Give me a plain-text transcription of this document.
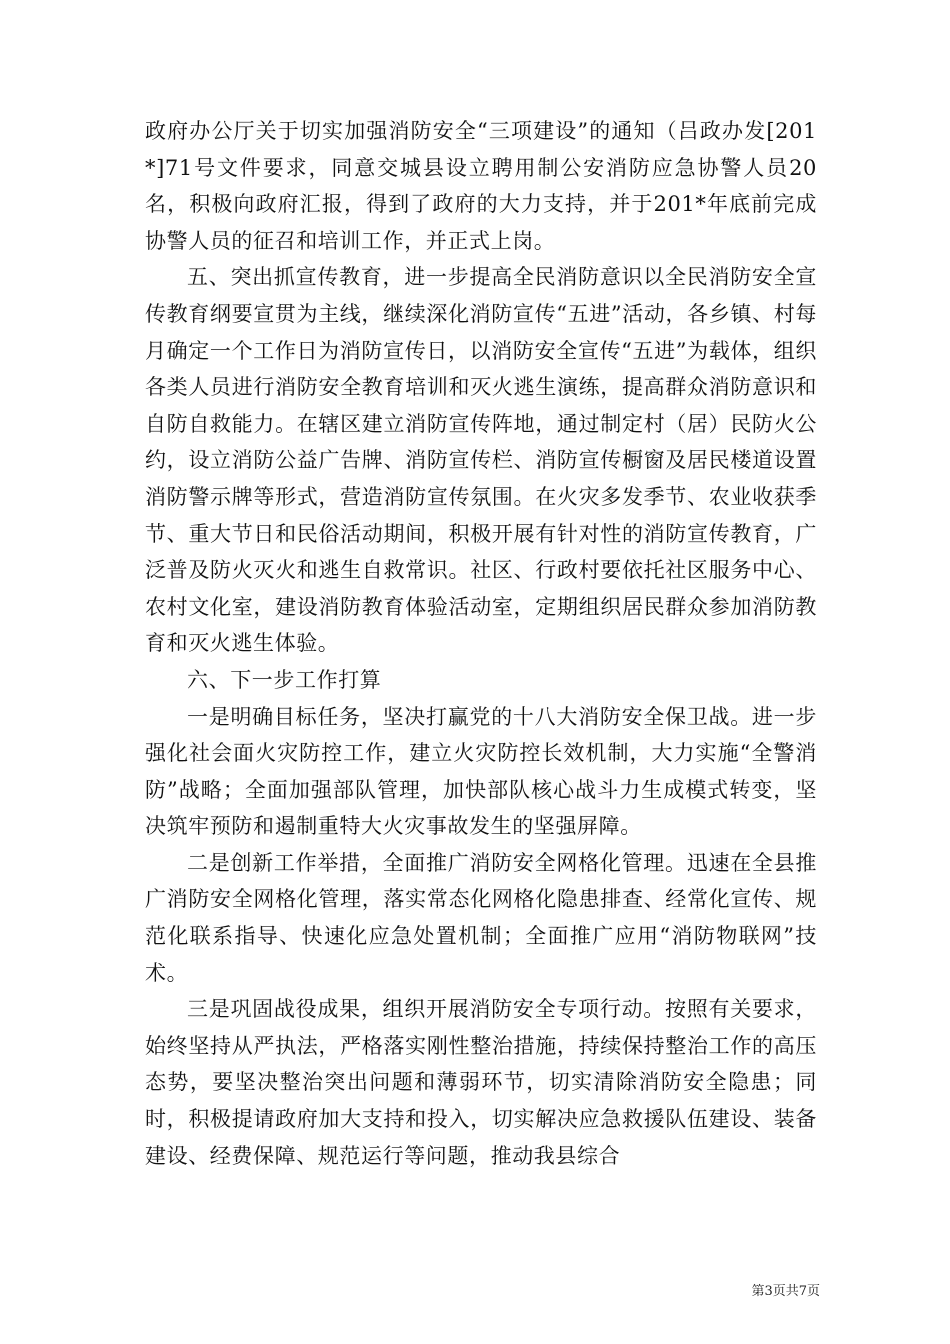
政府办公厅关于切实加强消防安全“三项建设”的通知（吕政办发[201*]71号文件要求，同意交城县设立聘用制公安消防应急协警人员20名，积极向政府汇报，得到了政府的大力支持，并于201*年底前完成协警人员的征召和培训工作，并正式上岗。

五、突出抓宣传教育，进一步提高全民消防意识以全民消防安全宣传教育纲要宣贯为主线，继续深化消防宣传“五进”活动，各乡镇、村每月确定一个工作日为消防宣传日，以消防安全宣传“五进”为载体，组织各类人员进行消防安全教育培训和灭火逃生演练，提高群众消防意识和自防自救能力。在辖区建立消防宣传阵地，通过制定村（居）民防火公约，设立消防公益广告牌、消防宣传栏、消防宣传橱窗及居民楼道设置消防警示牌等形式，营造消防宣传氛围。在火灾多发季节、农业收获季节、重大节日和民俗活动期间，积极开展有针对性的消防宣传教育，广泛普及防火灭火和逃生自救常识。社区、行政村要依托社区服务中心、农村文化室，建设消防教育体验活动室，定期组织居民群众参加消防教育和灭火逃生体验。

六、下一步工作打算

一是明确目标任务，坚决打赢党的十八大消防安全保卫战。进一步强化社会面火灾防控工作，建立火灾防控长效机制，大力实施“全警消防”战略；全面加强部队管理，加快部队核心战斗力生成模式转变，坚决筑牢预防和遏制重特大火灾事故发生的坚强屏障。

二是创新工作举措，全面推广消防安全网格化管理。迅速在全县推广消防安全网格化管理，落实常态化网格化隐患排查、经常化宣传、规范化联系指导、快速化应急处置机制；全面推广应用“消防物联网”技术。

三是巩固战役成果，组织开展消防安全专项行动。按照有关要求，始终坚持从严执法，严格落实刚性整治措施，持续保持整治工作的高压态势，要坚决整治突出问题和薄弱环节，切实清除消防安全隐患；同时，积极提请政府加大支持和投入，切实解决应急救援队伍建设、装备建设、经费保障、规范运行等问题，推动我县综合

第3页共7页
